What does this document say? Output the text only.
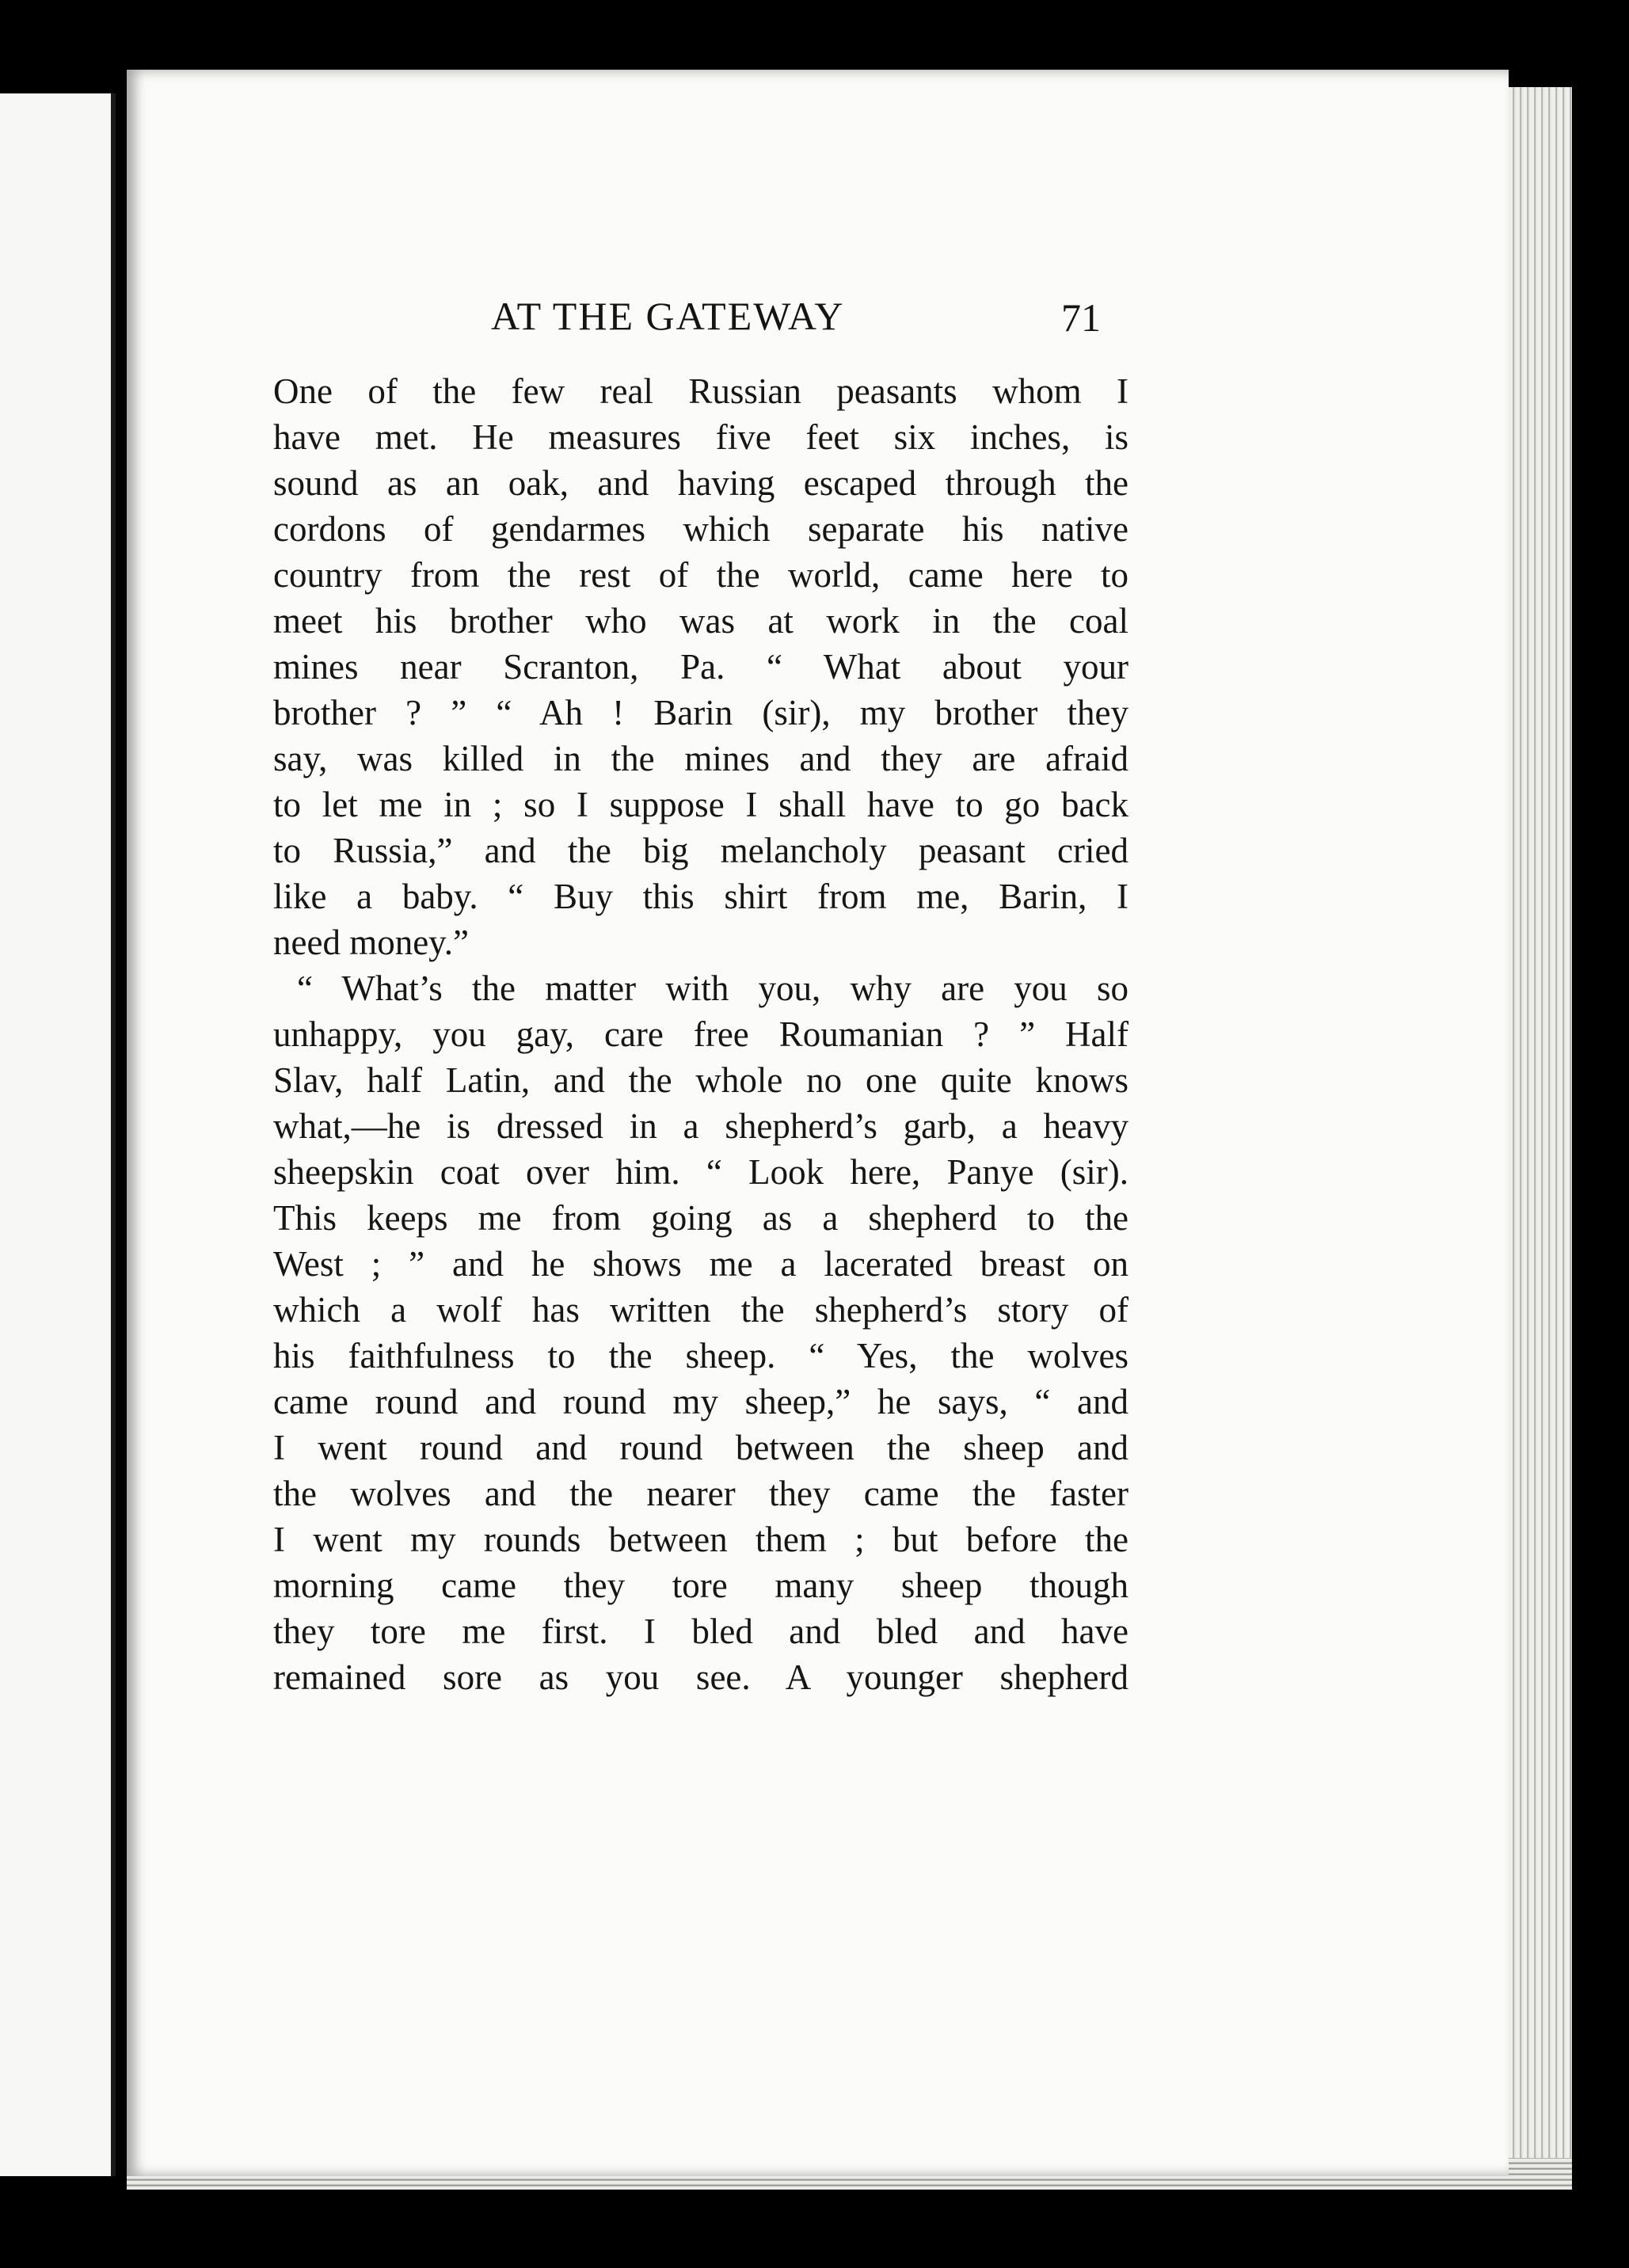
AT THE GATEWAY	71
One of the few real Russian peasants whom I
have met. He measures five feet six inches, is
sound as an oak, and having escaped through the
cordons of gendarmes which separate his native
country from the rest of the world, came here to
meet his brother who was at work in the coal
mines near Scranton, Pa. “ What about your
brother ? ” “ Ah ! Barin (sir), my brother they
say, was killed in the mines and they are afraid
to let me in ; so I suppose I shall have to go back
to Russia,” and the big melancholy peasant cried
like a baby. “ Buy this shirt from me, Barin, I
need money.”
“ What’s the matter with you, why are you so
unhappy, you gay, care free Roumanian ? ” Half
Slav, half Latin, and the whole no one quite knows
what,—he is dressed in a shepherd’s garb, a heavy
sheepskin coat over him. “ Look here, Panye (sir).
This keeps me from going as a shepherd to the
West ; ” and he shows me a lacerated breast on
which a wolf has written the shepherd’s story of
his faithfulness to the sheep. “ Yes, the wolves
came round and round my sheep,” he says, “ and
I went round and round between the sheep and
the wolves and the nearer they came the faster
I went my rounds between them ; but before the
morning came they tore many sheep though
they tore me first. I bled and bled and have
remained sore as you see. A younger shepherd
